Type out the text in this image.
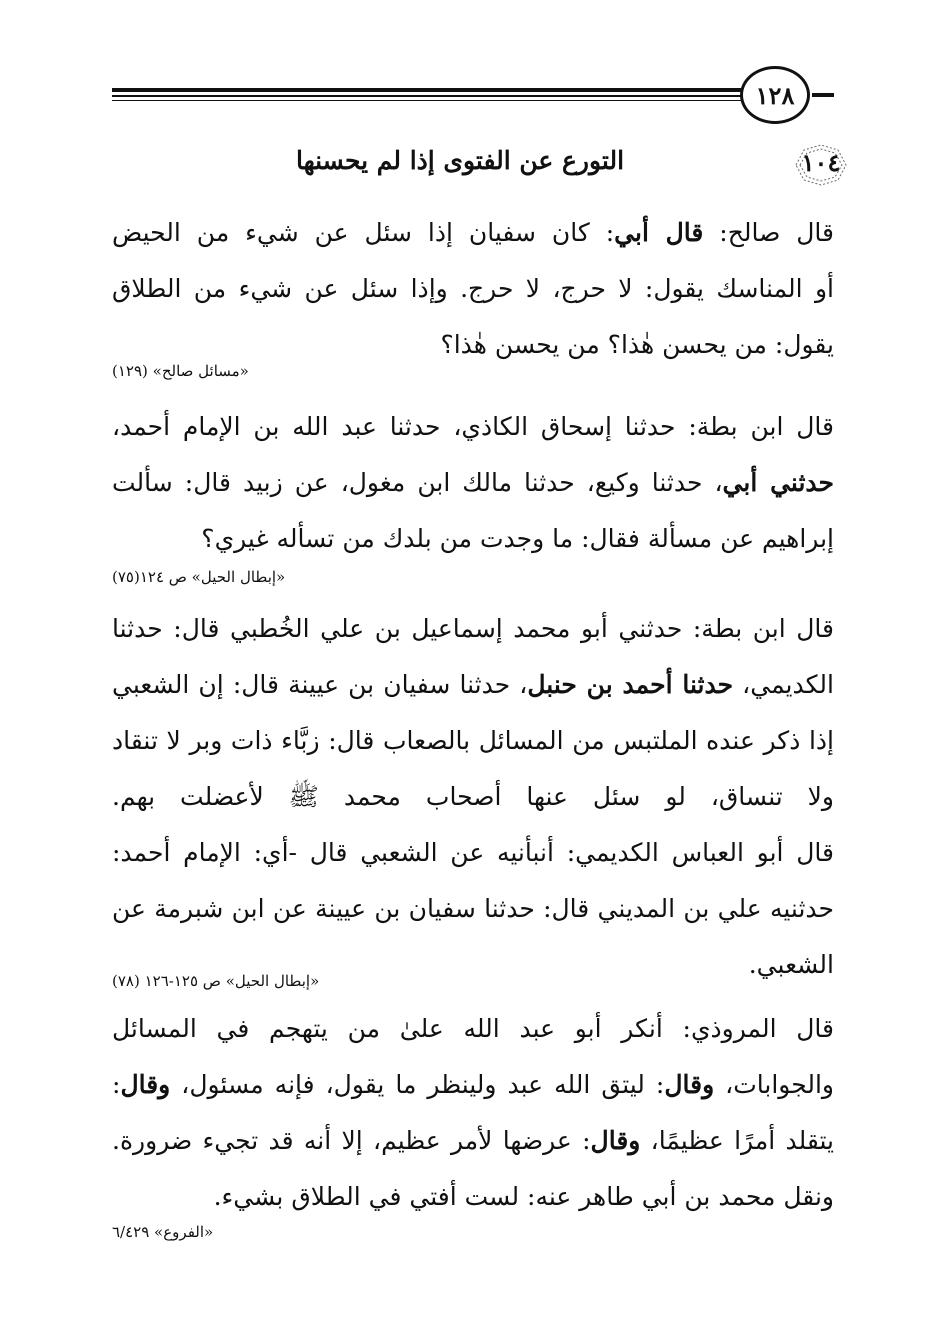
١٢٨
١٠٤
التورع عن الفتوى إذا لم يحسنها
قال صالح: قال أبي: كان سفيان إذا سئل عن شيء من الحيض
أو المناسك يقول: لا حرج، لا حرج. وإذا سئل عن شيء من الطلاق
يقول: من يحسن هٰذا؟ من يحسن هٰذا؟
«مسائل صالح» (١٢٩)
قال ابن بطة: حدثنا إسحاق الكاذي، حدثنا عبد الله بن الإمام أحمد،
حدثني أبي، حدثنا وكيع، حدثنا مالك ابن مغول، عن زبيد قال: سألت
إبراهيم عن مسألة فقال: ما وجدت من بلدك من تسأله غيري؟
«إبطال الحيل» ص ١٢٤(٧٥)
قال ابن بطة: حدثني أبو محمد إسماعيل بن علي الخُطبي قال: حدثنا
الكديمي، حدثنا أحمد بن حنبل، حدثنا سفيان بن عيينة قال: إن الشعبي
إذا ذكر عنده الملتبس من المسائل بالصعاب قال: زبَّاء ذات وبر لا تنقاد
ولا تنساق، لو سئل عنها أصحاب محمد ﷺ لأعضلت بهم.
قال أبو العباس الكديمي: أنبأنيه عن الشعبي قال -أي: الإمام أحمد:
حدثنيه علي بن المديني قال: حدثنا سفيان بن عيينة عن ابن شبرمة عن
الشعبي.
«إبطال الحيل» ص ١٢٥-١٢٦ (٧٨)
قال المروذي: أنكر أبو عبد الله علىٰ من يتهجم في المسائل
والجوابات، وقال: ليتق الله عبد ولينظر ما يقول، فإنه مسئول، وقال:
يتقلد أمرًا عظيمًا، وقال: عرضها لأمر عظيم، إلا أنه قد تجيء ضرورة.
ونقل محمد بن أبي طاهر عنه: لست أفتي في الطلاق بشيء.
«الفروع» ٦/٤٢٩
